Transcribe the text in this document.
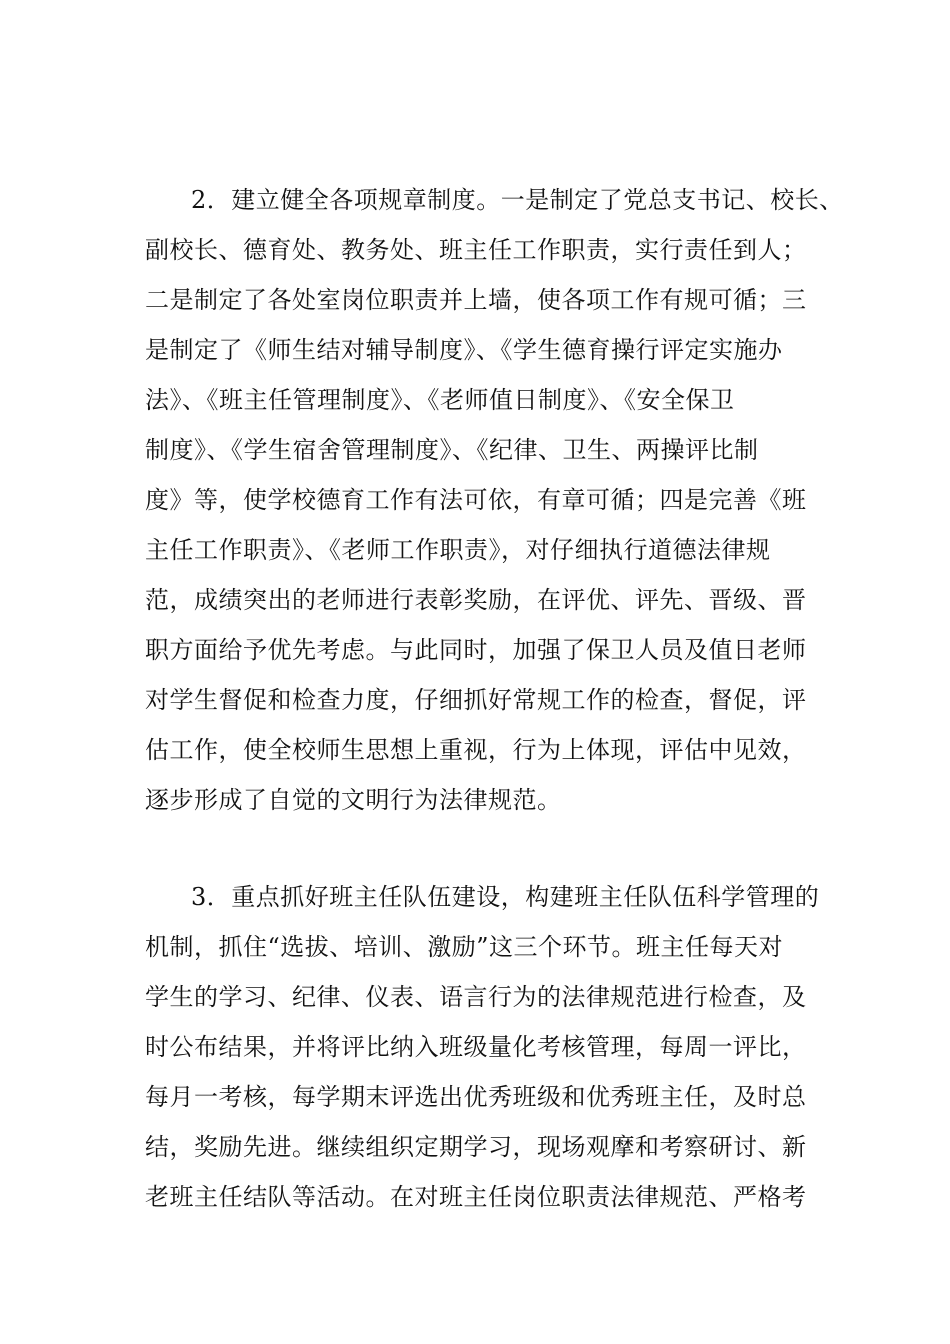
2．建立健全各项规章制度。一是制定了党总支书记、校长、
副校长、德育处、教务处、班主任工作职责，实行责任到人；
二是制定了各处室岗位职责并上墙，使各项工作有规可循；三
是制定了《师生结对辅导制度》、《学生德育操行评定实施办
法》、《班主任管理制度》、《老师值日制度》、《安全保卫
制度》、《学生宿舍管理制度》、《纪律、卫生、两操评比制
度》等，使学校德育工作有法可依，有章可循；四是完善《班
主任工作职责》、《老师工作职责》，对仔细执行道德法律规
范，成绩突出的老师进行表彰奖励，在评优、评先、晋级、晋
职方面给予优先考虑。与此同时，加强了保卫人员及值日老师
对学生督促和检查力度，仔细抓好常规工作的检查，督促，评
估工作，使全校师生思想上重视，行为上体现，评估中见效，
逐步形成了自觉的文明行为法律规范。
3．重点抓好班主任队伍建设，构建班主任队伍科学管理的
机制，抓住“选拔、培训、激励”这三个环节。班主任每天对
学生的学习、纪律、仪表、语言行为的法律规范进行检查，及
时公布结果，并将评比纳入班级量化考核管理，每周一评比，
每月一考核，每学期末评选出优秀班级和优秀班主任，及时总
结，奖励先进。继续组织定期学习，现场观摩和考察研讨、新
老班主任结队等活动。在对班主任岗位职责法律规范、严格考
